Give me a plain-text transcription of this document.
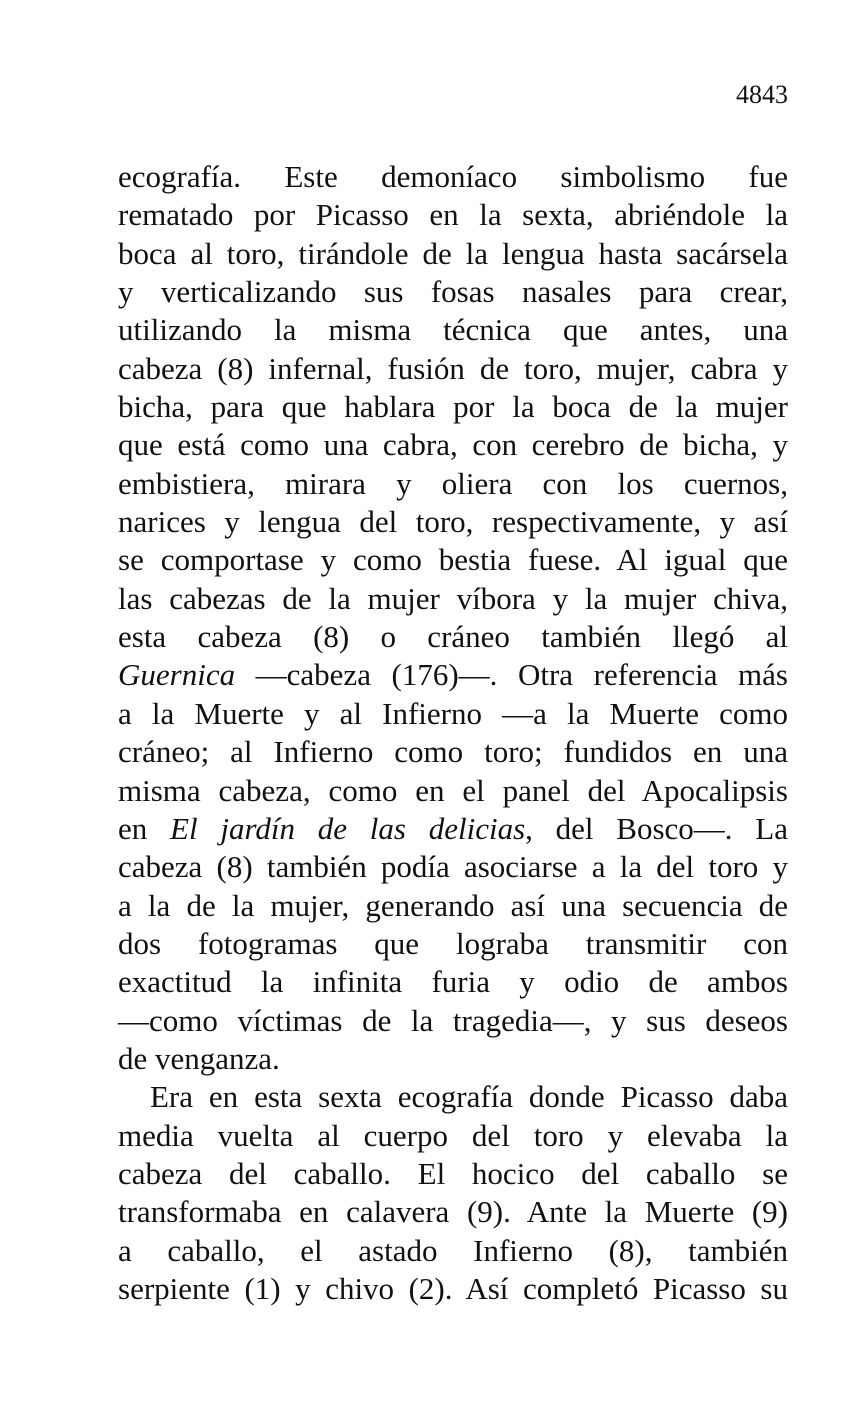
4843
ecografía. Este demoníaco simbolismo fue
rematado por Picasso en la sexta, abriéndole la
boca al toro, tirándole de la lengua hasta sacársela
y verticalizando sus fosas nasales para crear,
utilizando la misma técnica que antes, una
cabeza (8) infernal, fusión de toro, mujer, cabra y
bicha, para que hablara por la boca de la mujer
que está como una cabra, con cerebro de bicha, y
embistiera, mirara y oliera con los cuernos,
narices y lengua del toro, respectivamente, y así
se comportase y como bestia fuese. Al igual que
las cabezas de la mujer víbora y la mujer chiva,
esta cabeza (8) o cráneo también llegó al
Guernica —cabeza (176)—. Otra referencia más
a la Muerte y al Infierno —a la Muerte como
cráneo; al Infierno como toro; fundidos en una
misma cabeza, como en el panel del Apocalipsis
en El jardín de las delicias, del Bosco—. La
cabeza (8) también podía asociarse a la del toro y
a la de la mujer, generando así una secuencia de
dos fotogramas que lograba transmitir con
exactitud la infinita furia y odio de ambos
—como víctimas de la tragedia—, y sus deseos
de venganza.
Era en esta sexta ecografía donde Picasso daba
media vuelta al cuerpo del toro y elevaba la
cabeza del caballo. El hocico del caballo se
transformaba en calavera (9). Ante la Muerte (9)
a caballo, el astado Infierno (8), también
serpiente (1) y chivo (2). Así completó Picasso su
